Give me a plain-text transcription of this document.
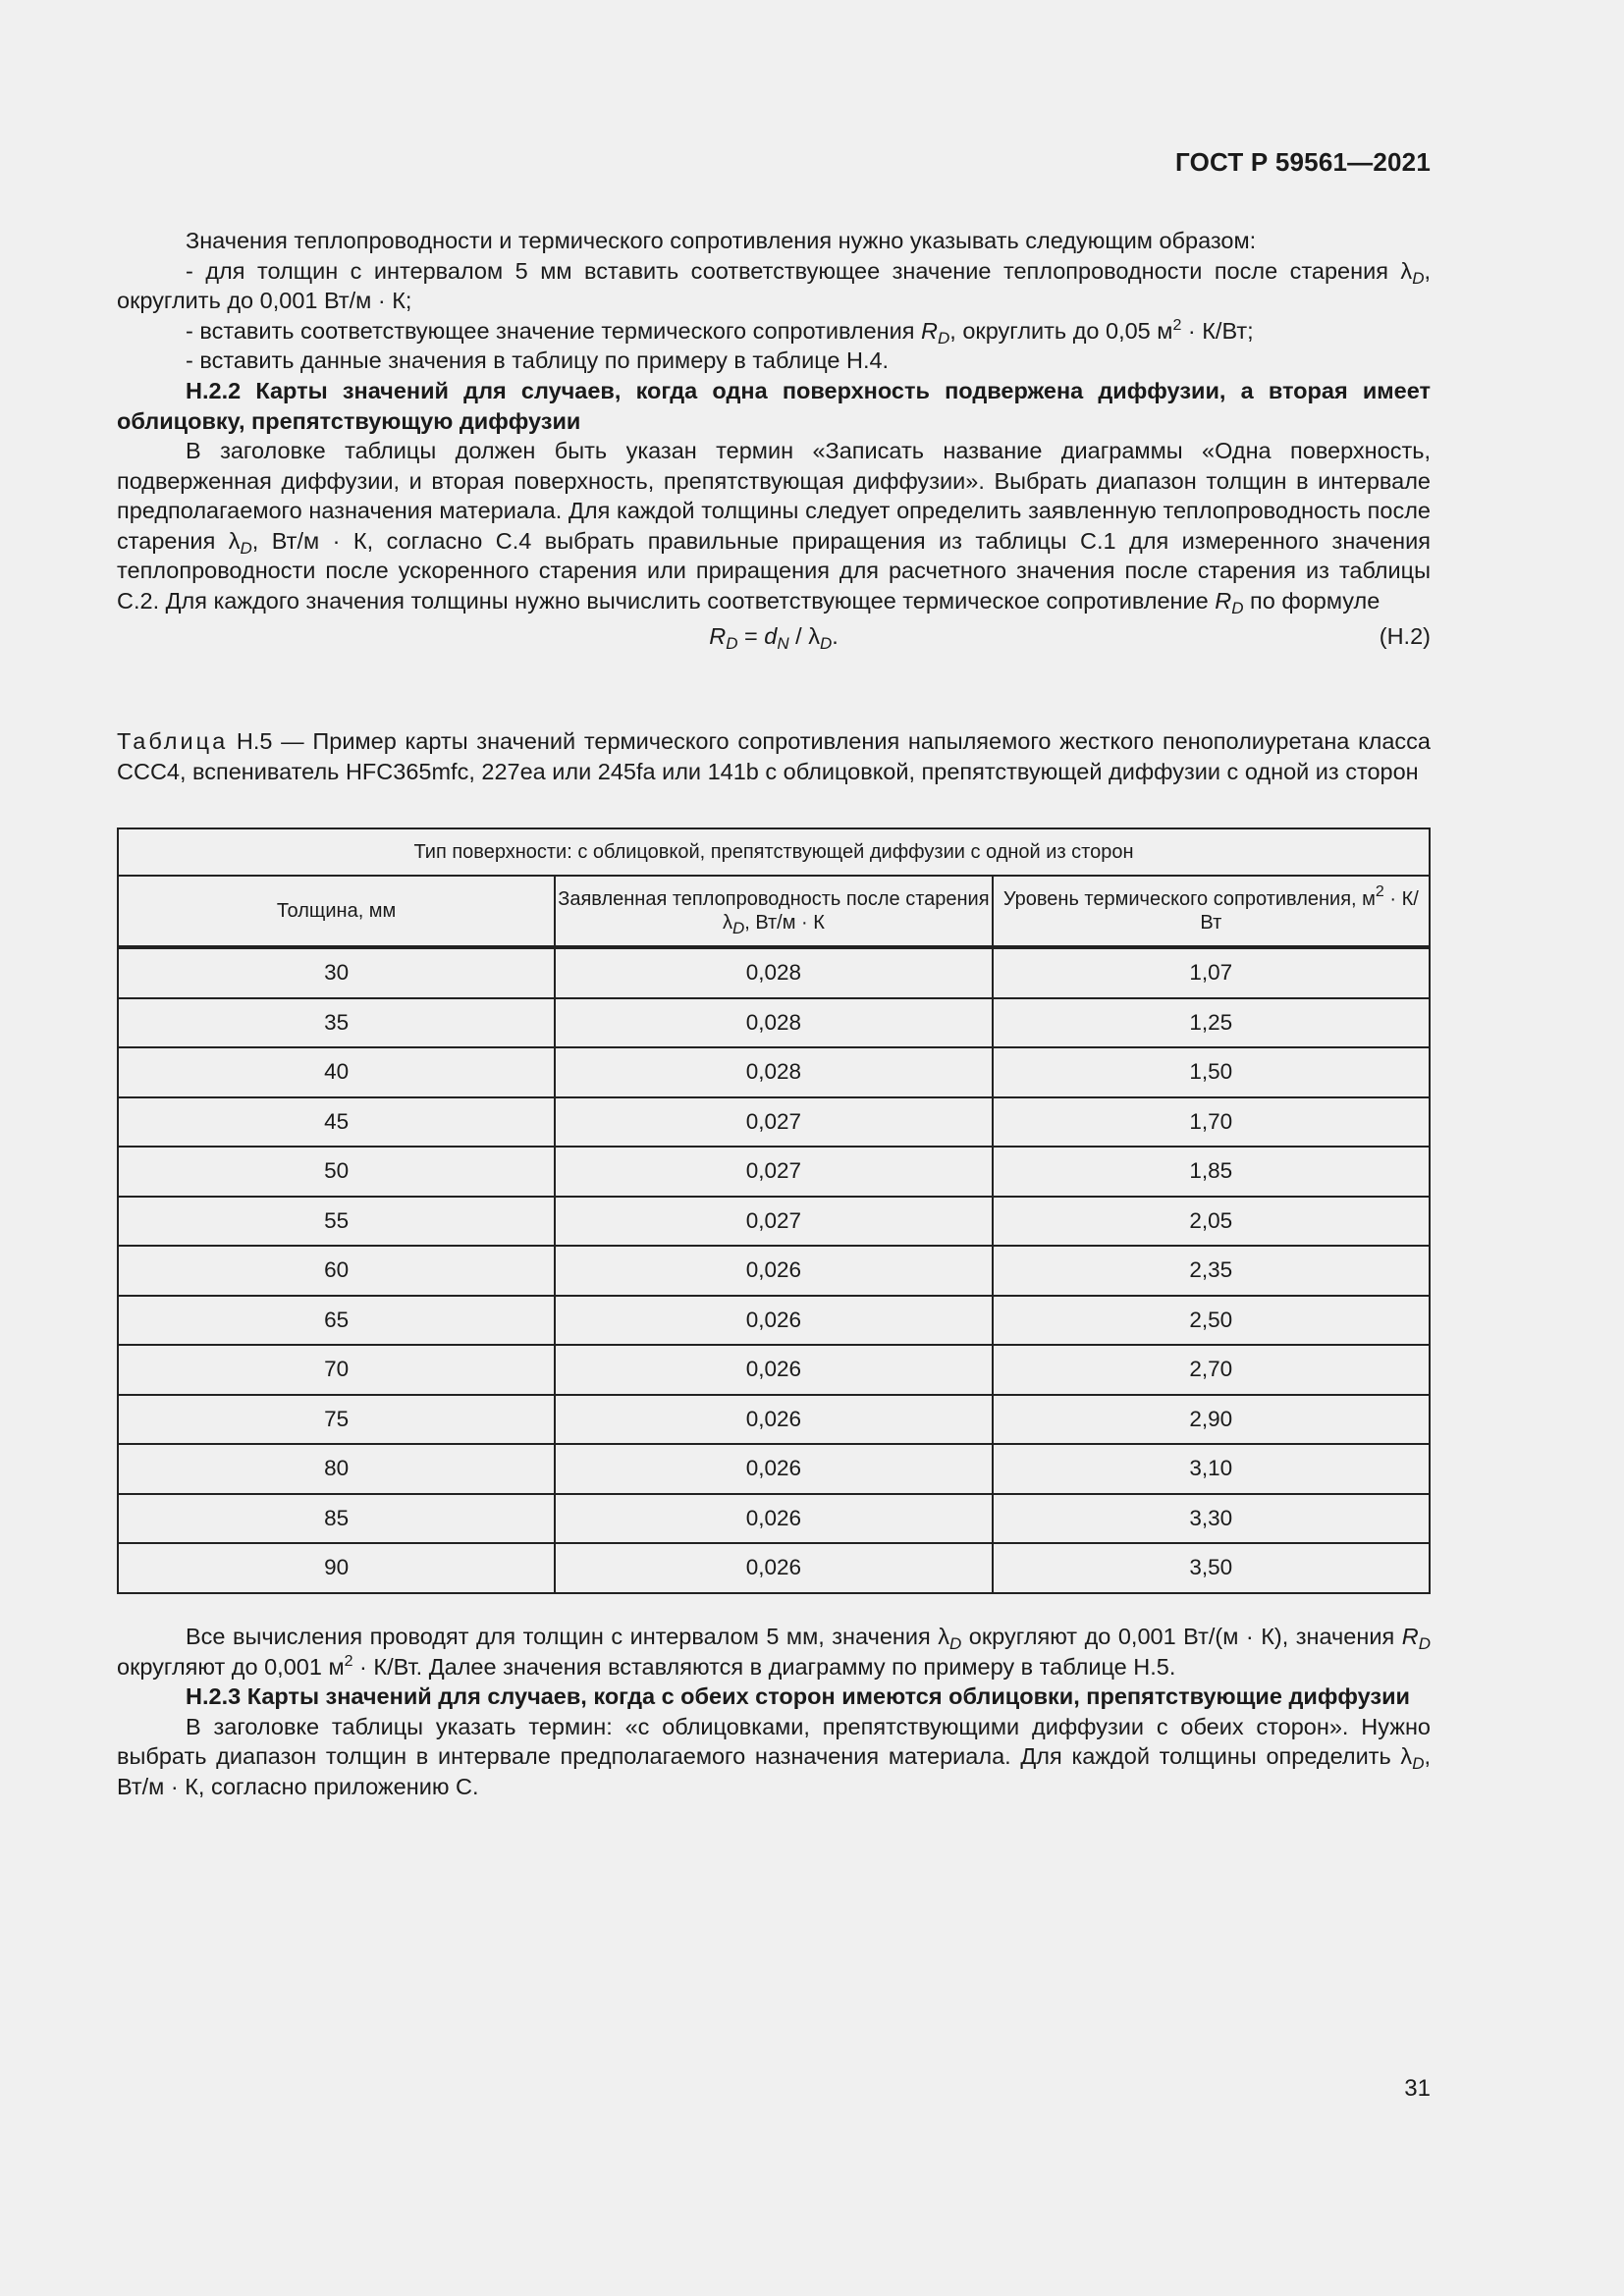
ГОСТ Р 59561—2021

Значения теплопроводности и термического сопротивления нужно указывать следующим образом:

- для толщин с интервалом 5 мм вставить соответствующее значение теплопроводности после старения $\lambda_D$, округлить до 0,001 Вт/м · К;

- вставить соответствующее значение термического сопротивления $R_D$, округлить до 0,05 $м^2 \cdot К/Вт$;

- вставить данные значения в таблицу по примеру в таблице Н.4.

Н.2.2 Карты значений для случаев, когда одна поверхность подвержена диффузии, а вторая имеет облицовку, препятствующую диффузии

В заголовке таблицы должен быть указан термин «Записать название диаграммы «Одна поверхность, подверженная диффузии, и вторая поверхность, препятствующая диффузии». Выбрать диапазон толщин в интервале предполагаемого назначения материала. Для каждой толщины следует определить заявленную теплопроводность после старения $\lambda_D$, Вт/м · К, согласно С.4 выбрать правильные приращения из таблицы С.1 для измеренного значения теплопроводности после ускоренного старения или приращения для расчетного значения после старения из таблицы С.2. Для каждого значения толщины нужно вычислить соответствующее термическое сопротивление $R_D$ по формуле

$R_D = d_N / \lambda_D$.	(Н.2)

Таблица Н.5 — Пример карты значений термического сопротивления напыляемого жесткого пенополиуретана класса ССС4, вспениватель HFC365mfc, 227ea или 245fa или 141b с облицовкой, препятствующей диффузии с одной из сторон

Тип поверхности: с облицовкой, препятствующей диффузии с одной из сторон		
Толщина, мм	Заявленная теплопроводность после старения $\lambda_D$, Вт/м · К	Уровень термического сопротивления, $м^2 \cdot К/Вт$
30	0,028	1,07
35	0,028	1,25
40	0,028	1,50
45	0,027	1,70
50	0,027	1,85
55	0,027	2,05
60	0,026	2,35
65	0,026	2,50
70	0,026	2,70
75	0,026	2,90
80	0,026	3,10
85	0,026	3,30
90	0,026	3,50

Все вычисления проводят для толщин с интервалом 5 мм, значения $\lambda_D$ округляют до 0,001 Вт/(м · К), значения $R_D$ округляют до 0,001 $м^2 \cdot К/Вт$. Далее значения вставляются в диаграмму по примеру в таблице Н.5.

Н.2.3 Карты значений для случаев, когда с обеих сторон имеются облицовки, препятствующие диффузии

В заголовке таблицы указать термин: «с облицовками, препятствующими диффузии с обеих сторон». Нужно выбрать диапазон толщин в интервале предполагаемого назначения материала. Для каждой толщины определить $\lambda_D$, Вт/м · К, согласно приложению С.

31
